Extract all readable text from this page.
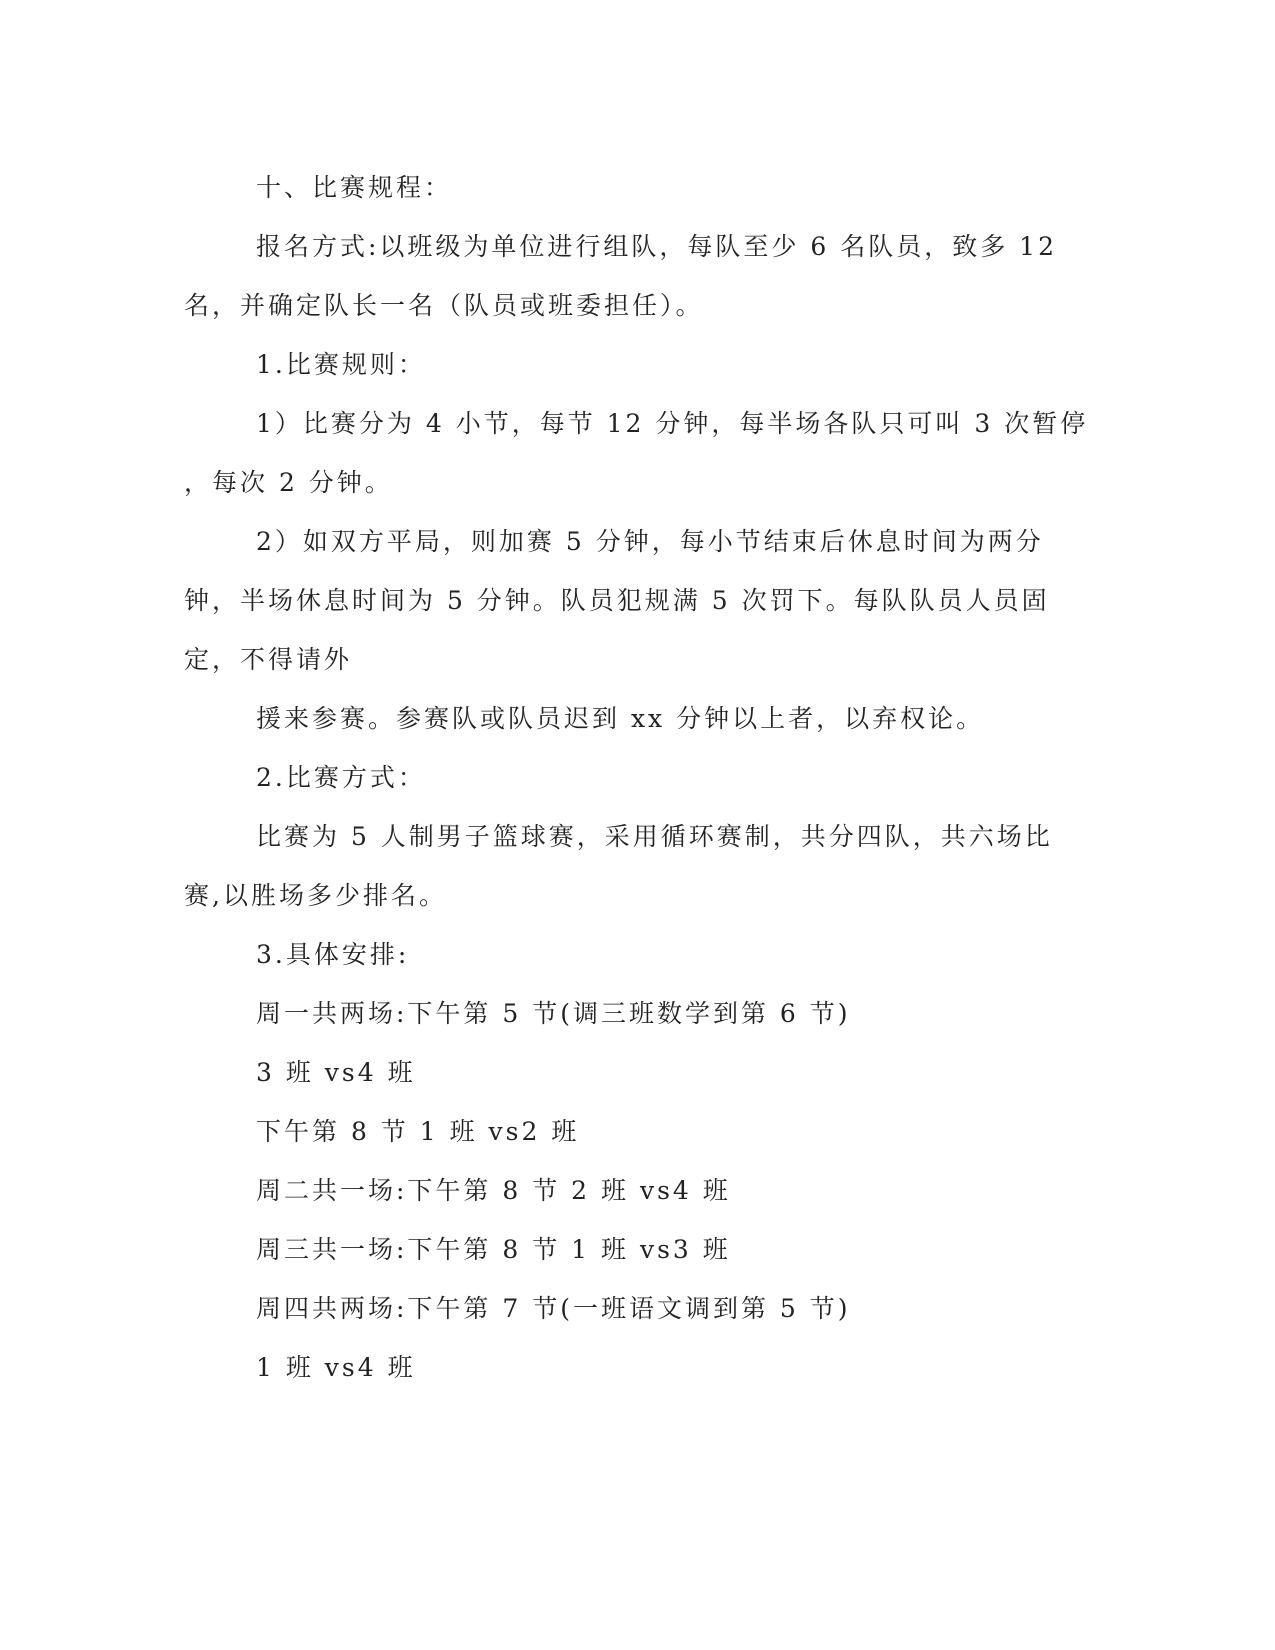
十、比赛规程：

报名方式:以班级为单位进行组队，每队至少 6 名队员，致多 12

名，并确定队长一名（队员或班委担任）。

1.比赛规则：

1）比赛分为 4 小节，每节 12 分钟，每半场各队只可叫 3 次暂停

，每次 2 分钟。

2）如双方平局，则加赛 5 分钟，每小节结束后休息时间为两分

钟，半场休息时间为 5 分钟。队员犯规满 5 次罚下。每队队员人员固

定，不得请外

援来参赛。参赛队或队员迟到 xx 分钟以上者，以弃权论。

2.比赛方式：

比赛为 5 人制男子篮球赛，采用循环赛制，共分四队，共六场比

赛,以胜场多少排名。

3.具体安排:

周一共两场:下午第 5 节(调三班数学到第 6 节)

3 班 vs4 班

下午第 8 节 1 班 vs2 班

周二共一场:下午第 8 节 2 班 vs4 班

周三共一场:下午第 8 节 1 班 vs3 班

周四共两场:下午第 7 节(一班语文调到第 5 节)

1 班 vs4 班
